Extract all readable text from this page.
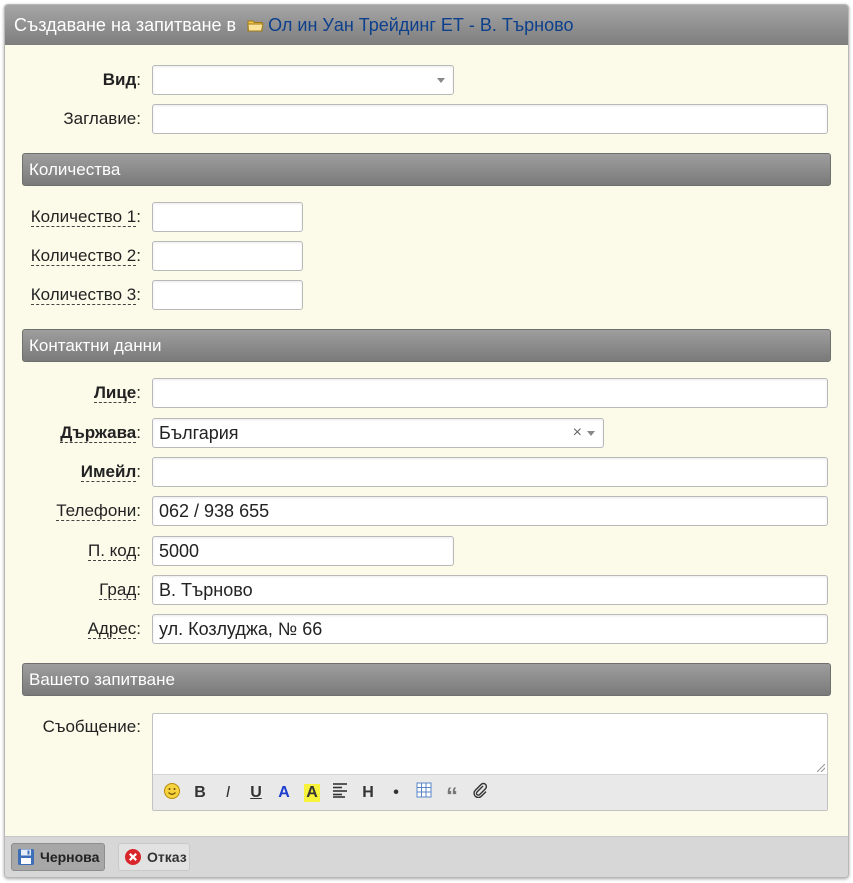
Създаване на запитване в Ол ин Уан Трейдинг ЕТ - В. Търново
Вид:
Заглавие:
Количества
Количество 1:
Количество 2:
Количество 3:
Контактни данни
Лице:
Държава:	България	×
Имейл:
Телефони:	062 / 938 655
П. код:	5000
Град:	В. Търново
Адрес:	ул. Козлуджа, № 66
Вашето запитване
Съобщение:
B	I	U	A	A	H	•	“
Чернова	Отказ
